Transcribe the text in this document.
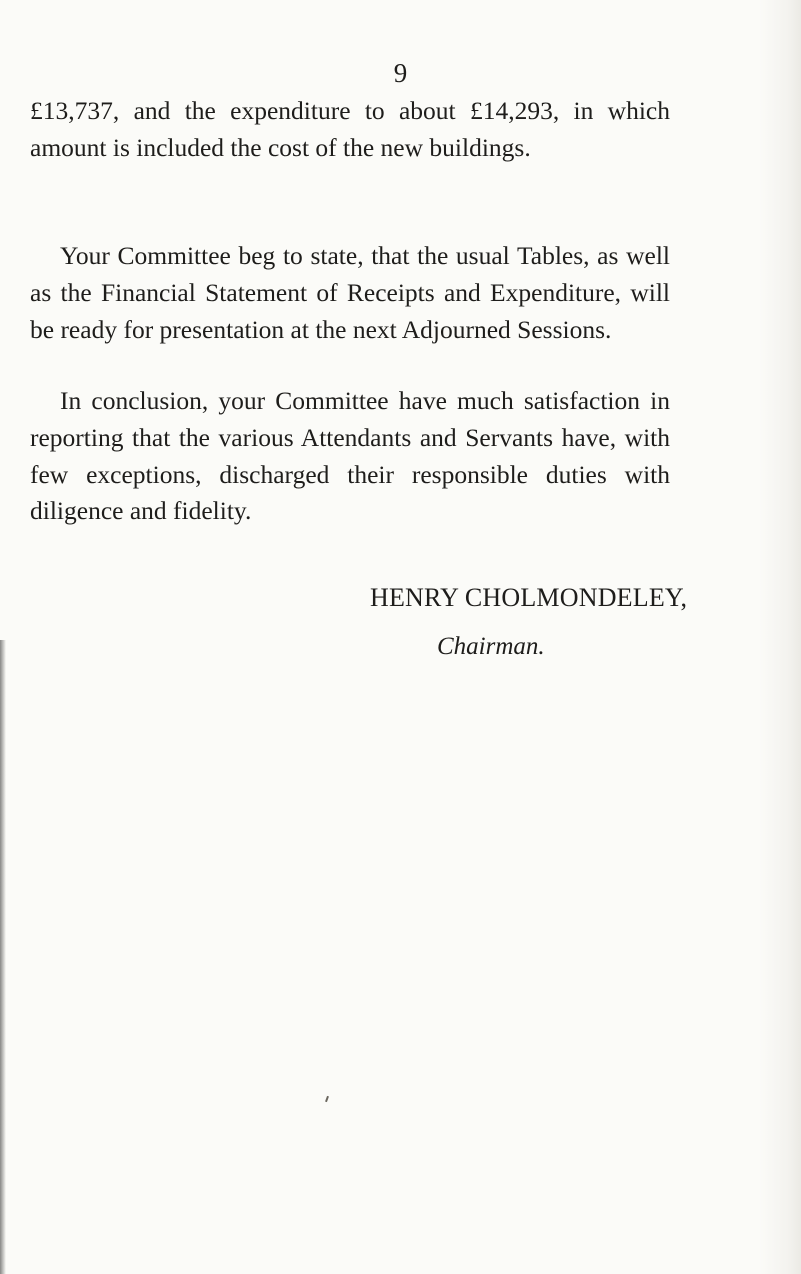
9

£13,737, and the expenditure to about £14,293, in which amount is included the cost of the new buildings.

Your Committee beg to state, that the usual Tables, as well as the Financial Statement of Receipts and Expenditure, will be ready for presentation at the next Adjourned Sessions.

In conclusion, your Committee have much satisfaction in reporting that the various Attendants and Servants have, with few exceptions, discharged their responsible duties with diligence and fidelity.

HENRY CHOLMONDELEY,
Chairman.
